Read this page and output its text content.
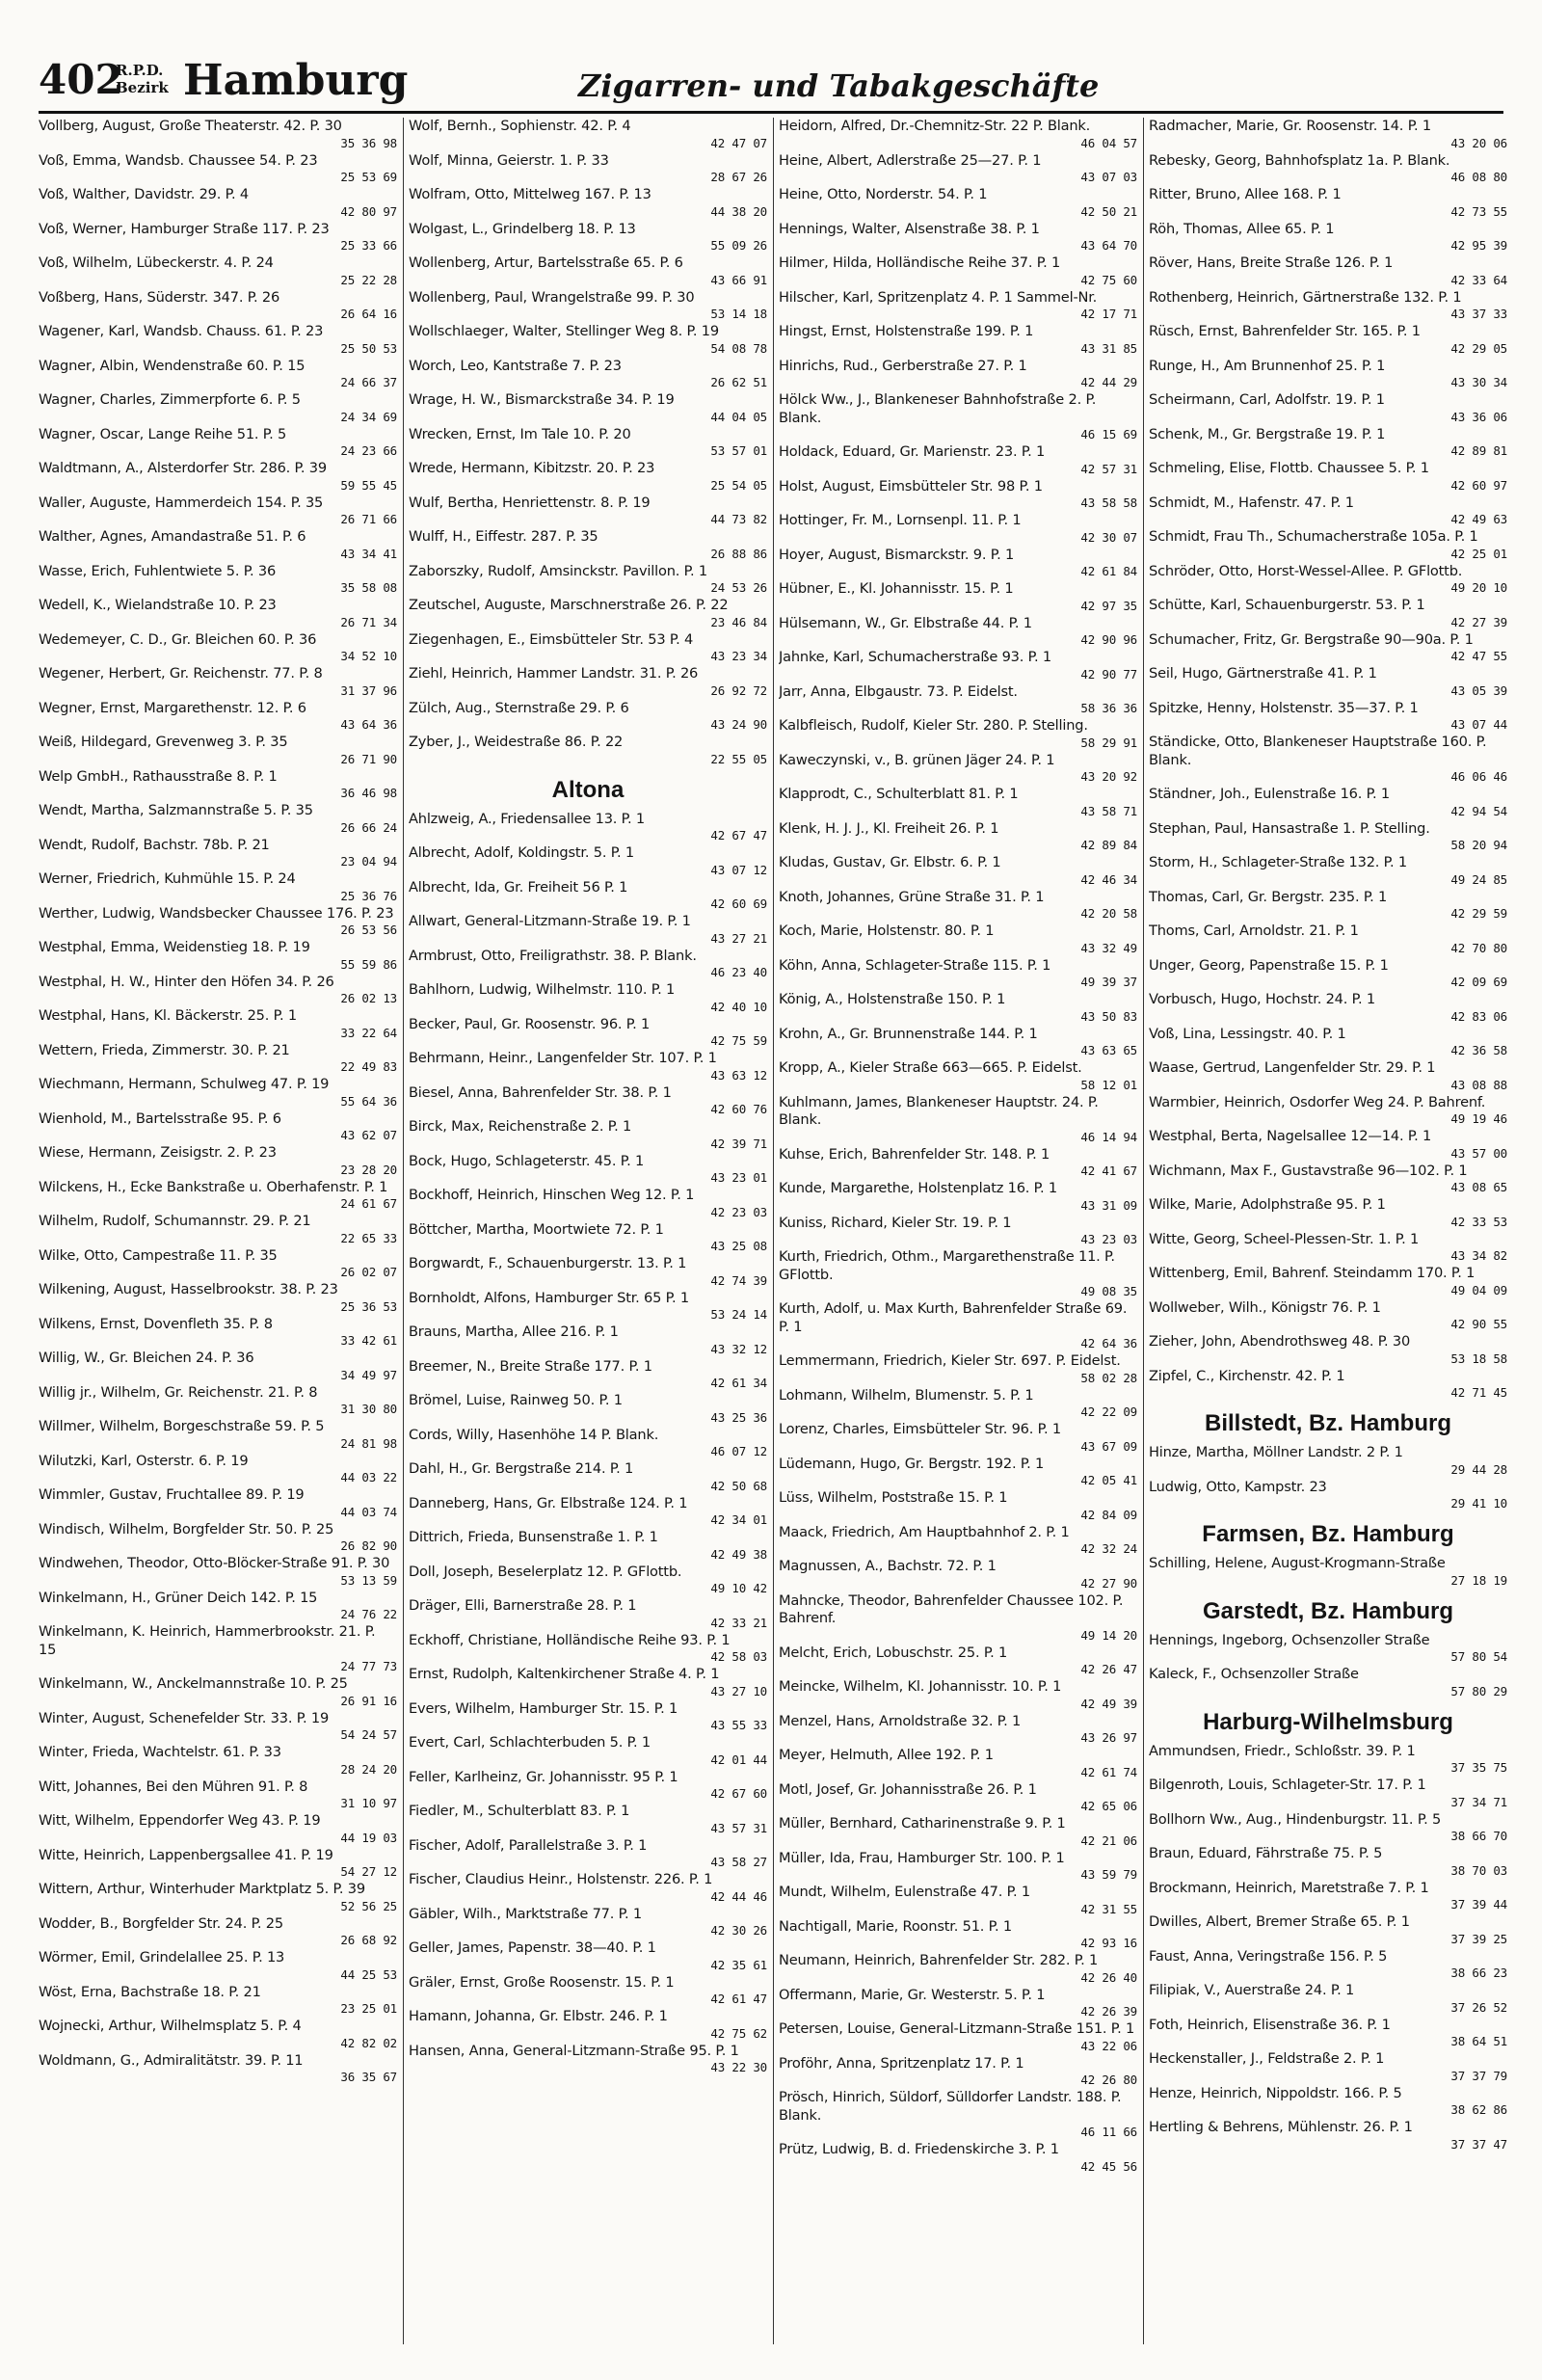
402
R.P.D.
Bezirk Hamburg	Zigarren- und Tabakgeschäfte
Vollberg, August, Große Theaterstr. 42. P. 30
35 36 98
Voß, Emma, Wandsb. Chaussee 54. P. 23
25 53 69
Voß, Walther, Davidstr. 29. P. 4
42 80 97
Voß, Werner, Hamburger Straße 117. P. 23
25 33 66
Voß, Wilhelm, Lübeckerstr. 4. P. 24
25 22 28
Voßberg, Hans, Süderstr. 347. P. 26
26 64 16
Wagener, Karl, Wandsb. Chauss. 61. P. 23
25 50 53
Wagner, Albin, Wendenstraße 60. P. 15
24 66 37
Wagner, Charles, Zimmerpforte 6. P. 5
24 34 69
Wagner, Oscar, Lange Reihe 51. P. 5
24 23 66
Waldtmann, A., Alsterdorfer Str. 286. P. 39
59 55 45
Waller, Auguste, Hammerdeich 154. P. 35
26 71 66
Walther, Agnes, Amandastraße 51. P. 6
43 34 41
Wasse, Erich, Fuhlentwiete 5. P. 36
35 58 08
Wedell, K., Wielandstraße 10. P. 23
26 71 34
Wedemeyer, C. D., Gr. Bleichen 60. P. 36
34 52 10
Wegener, Herbert, Gr. Reichenstr. 77. P. 8
31 37 96
Wegner, Ernst, Margarethenstr. 12. P. 6
43 64 36
Weiß, Hildegard, Grevenweg 3. P. 35
26 71 90
Welp GmbH., Rathausstraße 8. P. 1
36 46 98
Wendt, Martha, Salzmannstraße 5. P. 35
26 66 24
Wendt, Rudolf, Bachstr. 78b. P. 21
23 04 94
Werner, Friedrich, Kuhmühle 15. P. 24
25 36 76
Werther, Ludwig, Wandsbecker Chaussee 176. P. 23
26 53 56
Westphal, Emma, Weidenstieg 18. P. 19
55 59 86
Westphal, H. W., Hinter den Höfen 34. P. 26
26 02 13
Westphal, Hans, Kl. Bäckerstr. 25. P. 1
33 22 64
Wettern, Frieda, Zimmerstr. 30. P. 21
22 49 83
Wiechmann, Hermann, Schulweg 47. P. 19
55 64 36
Wienhold, M., Bartelsstraße 95. P. 6
43 62 07
Wiese, Hermann, Zeisigstr. 2. P. 23
23 28 20
Wilckens, H., Ecke Bankstraße u. Oberhafenstr. P. 1
24 61 67
Wilhelm, Rudolf, Schumannstr. 29. P. 21
22 65 33
Wilke, Otto, Campestraße 11. P. 35
26 02 07
Wilkening, August, Hasselbrookstr. 38. P. 23
25 36 53
Wilkens, Ernst, Dovenfleth 35. P. 8
33 42 61
Willig, W., Gr. Bleichen 24. P. 36
34 49 97
Willig jr., Wilhelm, Gr. Reichenstr. 21. P. 8
31 30 80
Willmer, Wilhelm, Borgeschstraße 59. P. 5
24 81 98
Wilutzki, Karl, Osterstr. 6. P. 19
44 03 22
Wimmler, Gustav, Fruchtallee 89. P. 19
44 03 74
Windisch, Wilhelm, Borgfelder Str. 50. P. 25
26 82 90
Windwehen, Theodor, Otto-Blöcker-Straße 91. P. 30
53 13 59
Winkelmann, H., Grüner Deich 142. P. 15
24 76 22
Winkelmann, K. Heinrich, Hammerbrookstr. 21. P. 15
24 77 73
Winkelmann, W., Anckelmannstraße 10. P. 25
26 91 16
Winter, August, Schenefelder Str. 33. P. 19
54 24 57
Winter, Frieda, Wachtelstr. 61. P. 33
28 24 20
Witt, Johannes, Bei den Mühren 91. P. 8
31 10 97
Witt, Wilhelm, Eppendorfer Weg 43. P. 19
44 19 03
Witte, Heinrich, Lappenbergsallee 41. P. 19
54 27 12
Wittern, Arthur, Winterhuder Marktplatz 5. P. 39
52 56 25
Wodder, B., Borgfelder Str. 24. P. 25
26 68 92
Wörmer, Emil, Grindelallee 25. P. 13
44 25 53
Wöst, Erna, Bachstraße 18. P. 21
23 25 01
Wojnecki, Arthur, Wilhelmsplatz 5. P. 4
42 82 02
Woldmann, G., Admiralitätstr. 39. P. 11
36 35 67
Wolf, Bernh., Sophienstr. 42. P. 4
42 47 07
Wolf, Minna, Geierstr. 1. P. 33
28 67 26
Wolfram, Otto, Mittelweg 167. P. 13
44 38 20
Wolgast, L., Grindelberg 18. P. 13
55 09 26
Wollenberg, Artur, Bartelsstraße 65. P. 6
43 66 91
Wollenberg, Paul, Wrangelstraße 99. P. 30
53 14 18
Wollschlaeger, Walter, Stellinger Weg 8. P. 19
54 08 78
Worch, Leo, Kantstraße 7. P. 23
26 62 51
Wrage, H. W., Bismarckstraße 34. P. 19
44 04 05
Wrecken, Ernst, Im Tale 10. P. 20
53 57 01
Wrede, Hermann, Kibitzstr. 20. P. 23
25 54 05
Wulf, Bertha, Henriettenstr. 8. P. 19
44 73 82
Wulff, H., Eiffestr. 287. P. 35
26 88 86
Zaborszky, Rudolf, Amsinckstr. Pavillon. P. 1
24 53 26
Zeutschel, Auguste, Marschnerstraße 26. P. 22
23 46 84
Ziegenhagen, E., Eimsbütteler Str. 53 P. 4
43 23 34
Ziehl, Heinrich, Hammer Landstr. 31. P. 26
26 92 72
Zülch, Aug., Sternstraße 29. P. 6
43 24 90
Zyber, J., Weidestraße 86. P. 22
22 55 05
Altona
Ahlzweig, A., Friedensallee 13. P. 1
42 67 47
Albrecht, Adolf, Koldingstr. 5. P. 1
43 07 12
Albrecht, Ida, Gr. Freiheit 56 P. 1
42 60 69
Allwart, General-Litzmann-Straße 19. P. 1
43 27 21
Armbrust, Otto, Freiligrathstr. 38. P. Blank.
46 23 40
Bahlhorn, Ludwig, Wilhelmstr. 110. P. 1
42 40 10
Becker, Paul, Gr. Roosenstr. 96. P. 1
42 75 59
Behrmann, Heinr., Langenfelder Str. 107. P. 1
43 63 12
Biesel, Anna, Bahrenfelder Str. 38. P. 1
42 60 76
Birck, Max, Reichenstraße 2. P. 1
42 39 71
Bock, Hugo, Schlageterstr. 45. P. 1
43 23 01
Bockhoff, Heinrich, Hinschen Weg 12. P. 1
42 23 03
Böttcher, Martha, Moortwiete 72. P. 1
43 25 08
Borgwardt, F., Schauenburgerstr. 13. P. 1
42 74 39
Bornholdt, Alfons, Hamburger Str. 65 P. 1
53 24 14
Brauns, Martha, Allee 216. P. 1
43 32 12
Breemer, N., Breite Straße 177. P. 1
42 61 34
Brömel, Luise, Rainweg 50. P. 1
43 25 36
Cords, Willy, Hasenhöhe 14 P. Blank.
46 07 12
Dahl, H., Gr. Bergstraße 214. P. 1
42 50 68
Danneberg, Hans, Gr. Elbstraße 124. P. 1
42 34 01
Dittrich, Frieda, Bunsenstraße 1. P. 1
42 49 38
Doll, Joseph, Beselerplatz 12. P. GFlottb.
49 10 42
Dräger, Elli, Barnerstraße 28. P. 1
42 33 21
Eckhoff, Christiane, Holländische Reihe 93. P. 1
42 58 03
Ernst, Rudolph, Kaltenkirchener Straße 4. P. 1
43 27 10
Evers, Wilhelm, Hamburger Str. 15. P. 1
43 55 33
Evert, Carl, Schlachterbuden 5. P. 1
42 01 44
Feller, Karlheinz, Gr. Johannisstr. 95 P. 1
42 67 60
Fiedler, M., Schulterblatt 83. P. 1
43 57 31
Fischer, Adolf, Parallelstraße 3. P. 1
43 58 27
Fischer, Claudius Heinr., Holstenstr. 226. P. 1
42 44 46
Gäbler, Wilh., Marktstraße 77. P. 1
42 30 26
Geller, James, Papenstr. 38—40. P. 1
42 35 61
Gräler, Ernst, Große Roosenstr. 15. P. 1
42 61 47
Hamann, Johanna, Gr. Elbstr. 246. P. 1
42 75 62
Hansen, Anna, General-Litzmann-Straße 95. P. 1
43 22 30
Heidorn, Alfred, Dr.-Chemnitz-Str. 22 P. Blank.
46 04 57
Heine, Albert, Adlerstraße 25—27. P. 1
43 07 03
Heine, Otto, Norderstr. 54. P. 1
42 50 21
Hennings, Walter, Alsenstraße 38. P. 1
43 64 70
Hilmer, Hilda, Holländische Reihe 37. P. 1
42 75 60
Hilscher, Karl, Spritzenplatz 4. P. 1 Sammel-Nr.
42 17 71
Hingst, Ernst, Holstenstraße 199. P. 1
43 31 85
Hinrichs, Rud., Gerberstraße 27. P. 1
42 44 29
Hölck Ww., J., Blankeneser Bahnhofstraße 2. P. Blank.
46 15 69
Holdack, Eduard, Gr. Marienstr. 23. P. 1
42 57 31
Holst, August, Eimsbütteler Str. 98 P. 1
43 58 58
Hottinger, Fr. M., Lornsenpl. 11. P. 1
42 30 07
Hoyer, August, Bismarckstr. 9. P. 1
42 61 84
Hübner, E., Kl. Johannisstr. 15. P. 1
42 97 35
Hülsemann, W., Gr. Elbstraße 44. P. 1
42 90 96
Jahnke, Karl, Schumacherstraße 93. P. 1
42 90 77
Jarr, Anna, Elbgaustr. 73. P. Eidelst.
58 36 36
Kalbfleisch, Rudolf, Kieler Str. 280. P. Stelling.
58 29 91
Kaweczynski, v., B. grünen Jäger 24. P. 1
43 20 92
Klapprodt, C., Schulterblatt 81. P. 1
43 58 71
Klenk, H. J. J., Kl. Freiheit 26. P. 1
42 89 84
Kludas, Gustav, Gr. Elbstr. 6. P. 1
42 46 34
Knoth, Johannes, Grüne Straße 31. P. 1
42 20 58
Koch, Marie, Holstenstr. 80. P. 1
43 32 49
Köhn, Anna, Schlageter-Straße 115. P. 1
49 39 37
König, A., Holstenstraße 150. P. 1
43 50 83
Krohn, A., Gr. Brunnenstraße 144. P. 1
43 63 65
Kropp, A., Kieler Straße 663—665. P. Eidelst.
58 12 01
Kuhlmann, James, Blankeneser Hauptstr. 24. P. Blank.
46 14 94
Kuhse, Erich, Bahrenfelder Str. 148. P. 1
42 41 67
Kunde, Margarethe, Holstenplatz 16. P. 1
43 31 09
Kuniss, Richard, Kieler Str. 19. P. 1
43 23 03
Kurth, Friedrich, Othm., Margarethenstraße 11. P. GFlottb.
49 08 35
Kurth, Adolf, u. Max Kurth, Bahrenfelder Straße 69. P. 1
42 64 36
Lemmermann, Friedrich, Kieler Str. 697. P. Eidelst.
58 02 28
Lohmann, Wilhelm, Blumenstr. 5. P. 1
42 22 09
Lorenz, Charles, Eimsbütteler Str. 96. P. 1
43 67 09
Lüdemann, Hugo, Gr. Bergstr. 192. P. 1
42 05 41
Lüss, Wilhelm, Poststraße 15. P. 1
42 84 09
Maack, Friedrich, Am Hauptbahnhof 2. P. 1
42 32 24
Magnussen, A., Bachstr. 72. P. 1
42 27 90
Mahncke, Theodor, Bahrenfelder Chaussee 102. P. Bahrenf.
49 14 20
Melcht, Erich, Lobuschstr. 25. P. 1
42 26 47
Meincke, Wilhelm, Kl. Johannisstr. 10. P. 1
42 49 39
Menzel, Hans, Arnoldstraße 32. P. 1
43 26 97
Meyer, Helmuth, Allee 192. P. 1
42 61 74
Motl, Josef, Gr. Johannisstraße 26. P. 1
42 65 06
Müller, Bernhard, Catharinenstraße 9. P. 1
42 21 06
Müller, Ida, Frau, Hamburger Str. 100. P. 1
43 59 79
Mundt, Wilhelm, Eulenstraße 47. P. 1
42 31 55
Nachtigall, Marie, Roonstr. 51. P. 1
42 93 16
Neumann, Heinrich, Bahrenfelder Str. 282. P. 1
42 26 40
Offermann, Marie, Gr. Westerstr. 5. P. 1
42 26 39
Petersen, Louise, General-Litzmann-Straße 151. P. 1
43 22 06
Proföhr, Anna, Spritzenplatz 17. P. 1
42 26 80
Prösch, Hinrich, Süldorf, Sülldorfer Landstr. 188. P. Blank.
46 11 66
Prütz, Ludwig, B. d. Friedenskirche 3. P. 1
42 45 56
Radmacher, Marie, Gr. Roosenstr. 14. P. 1
43 20 06
Rebesky, Georg, Bahnhofsplatz 1a. P. Blank.
46 08 80
Ritter, Bruno, Allee 168. P. 1
42 73 55
Röh, Thomas, Allee 65. P. 1
42 95 39
Röver, Hans, Breite Straße 126. P. 1
42 33 64
Rothenberg, Heinrich, Gärtnerstraße 132. P. 1
43 37 33
Rüsch, Ernst, Bahrenfelder Str. 165. P. 1
42 29 05
Runge, H., Am Brunnenhof 25. P. 1
43 30 34
Scheirmann, Carl, Adolfstr. 19. P. 1
43 36 06
Schenk, M., Gr. Bergstraße 19. P. 1
42 89 81
Schmeling, Elise, Flottb. Chaussee 5. P. 1
42 60 97
Schmidt, M., Hafenstr. 47. P. 1
42 49 63
Schmidt, Frau Th., Schumacherstraße 105a. P. 1
42 25 01
Schröder, Otto, Horst-Wessel-Allee. P. GFlottb.
49 20 10
Schütte, Karl, Schauenburgerstr. 53. P. 1
42 27 39
Schumacher, Fritz, Gr. Bergstraße 90—90a. P. 1
42 47 55
Seil, Hugo, Gärtnerstraße 41. P. 1
43 05 39
Spitzke, Henny, Holstenstr. 35—37. P. 1
43 07 44
Ständicke, Otto, Blankeneser Hauptstraße 160. P. Blank.
46 06 46
Ständner, Joh., Eulenstraße 16. P. 1
42 94 54
Stephan, Paul, Hansastraße 1. P. Stelling.
58 20 94
Storm, H., Schlageter-Straße 132. P. 1
49 24 85
Thomas, Carl, Gr. Bergstr. 235. P. 1
42 29 59
Thoms, Carl, Arnoldstr. 21. P. 1
42 70 80
Unger, Georg, Papenstraße 15. P. 1
42 09 69
Vorbusch, Hugo, Hochstr. 24. P. 1
42 83 06
Voß, Lina, Lessingstr. 40. P. 1
42 36 58
Waase, Gertrud, Langenfelder Str. 29. P. 1
43 08 88
Warmbier, Heinrich, Osdorfer Weg 24. P. Bahrenf.
49 19 46
Westphal, Berta, Nagelsallee 12—14. P. 1
43 57 00
Wichmann, Max F., Gustavstraße 96—102. P. 1
43 08 65
Wilke, Marie, Adolphstraße 95. P. 1
42 33 53
Witte, Georg, Scheel-Plessen-Str. 1. P. 1
43 34 82
Wittenberg, Emil, Bahrenf. Steindamm 170. P. 1
49 04 09
Wollweber, Wilh., Königstr 76. P. 1
42 90 55
Zieher, John, Abendrothsweg 48. P. 30
53 18 58
Zipfel, C., Kirchenstr. 42. P. 1
42 71 45
Billstedt, Bz. Hamburg
Hinze, Martha, Möllner Landstr. 2 P. 1
29 44 28
Ludwig, Otto, Kampstr. 23
29 41 10
Farmsen, Bz. Hamburg
Schilling, Helene, August-Krogmann-Straße
27 18 19
Garstedt, Bz. Hamburg
Hennings, Ingeborg, Ochsenzoller Straße
57 80 54
Kaleck, F., Ochsenzoller Straße
57 80 29
Harburg-Wilhelmsburg
Ammundsen, Friedr., Schloßstr. 39. P. 1
37 35 75
Bilgenroth, Louis, Schlageter-Str. 17. P. 1
37 34 71
Bollhorn Ww., Aug., Hindenburgstr. 11. P. 5
38 66 70
Braun, Eduard, Fährstraße 75. P. 5
38 70 03
Brockmann, Heinrich, Maretstraße 7. P. 1
37 39 44
Dwilles, Albert, Bremer Straße 65. P. 1
37 39 25
Faust, Anna, Veringstraße 156. P. 5
38 66 23
Filipiak, V., Auerstraße 24. P. 1
37 26 52
Foth, Heinrich, Elisenstraße 36. P. 1
38 64 51
Heckenstaller, J., Feldstraße 2. P. 1
37 37 79
Henze, Heinrich, Nippoldstr. 166. P. 5
38 62 86
Hertling & Behrens, Mühlenstr. 26. P. 1
37 37 47
